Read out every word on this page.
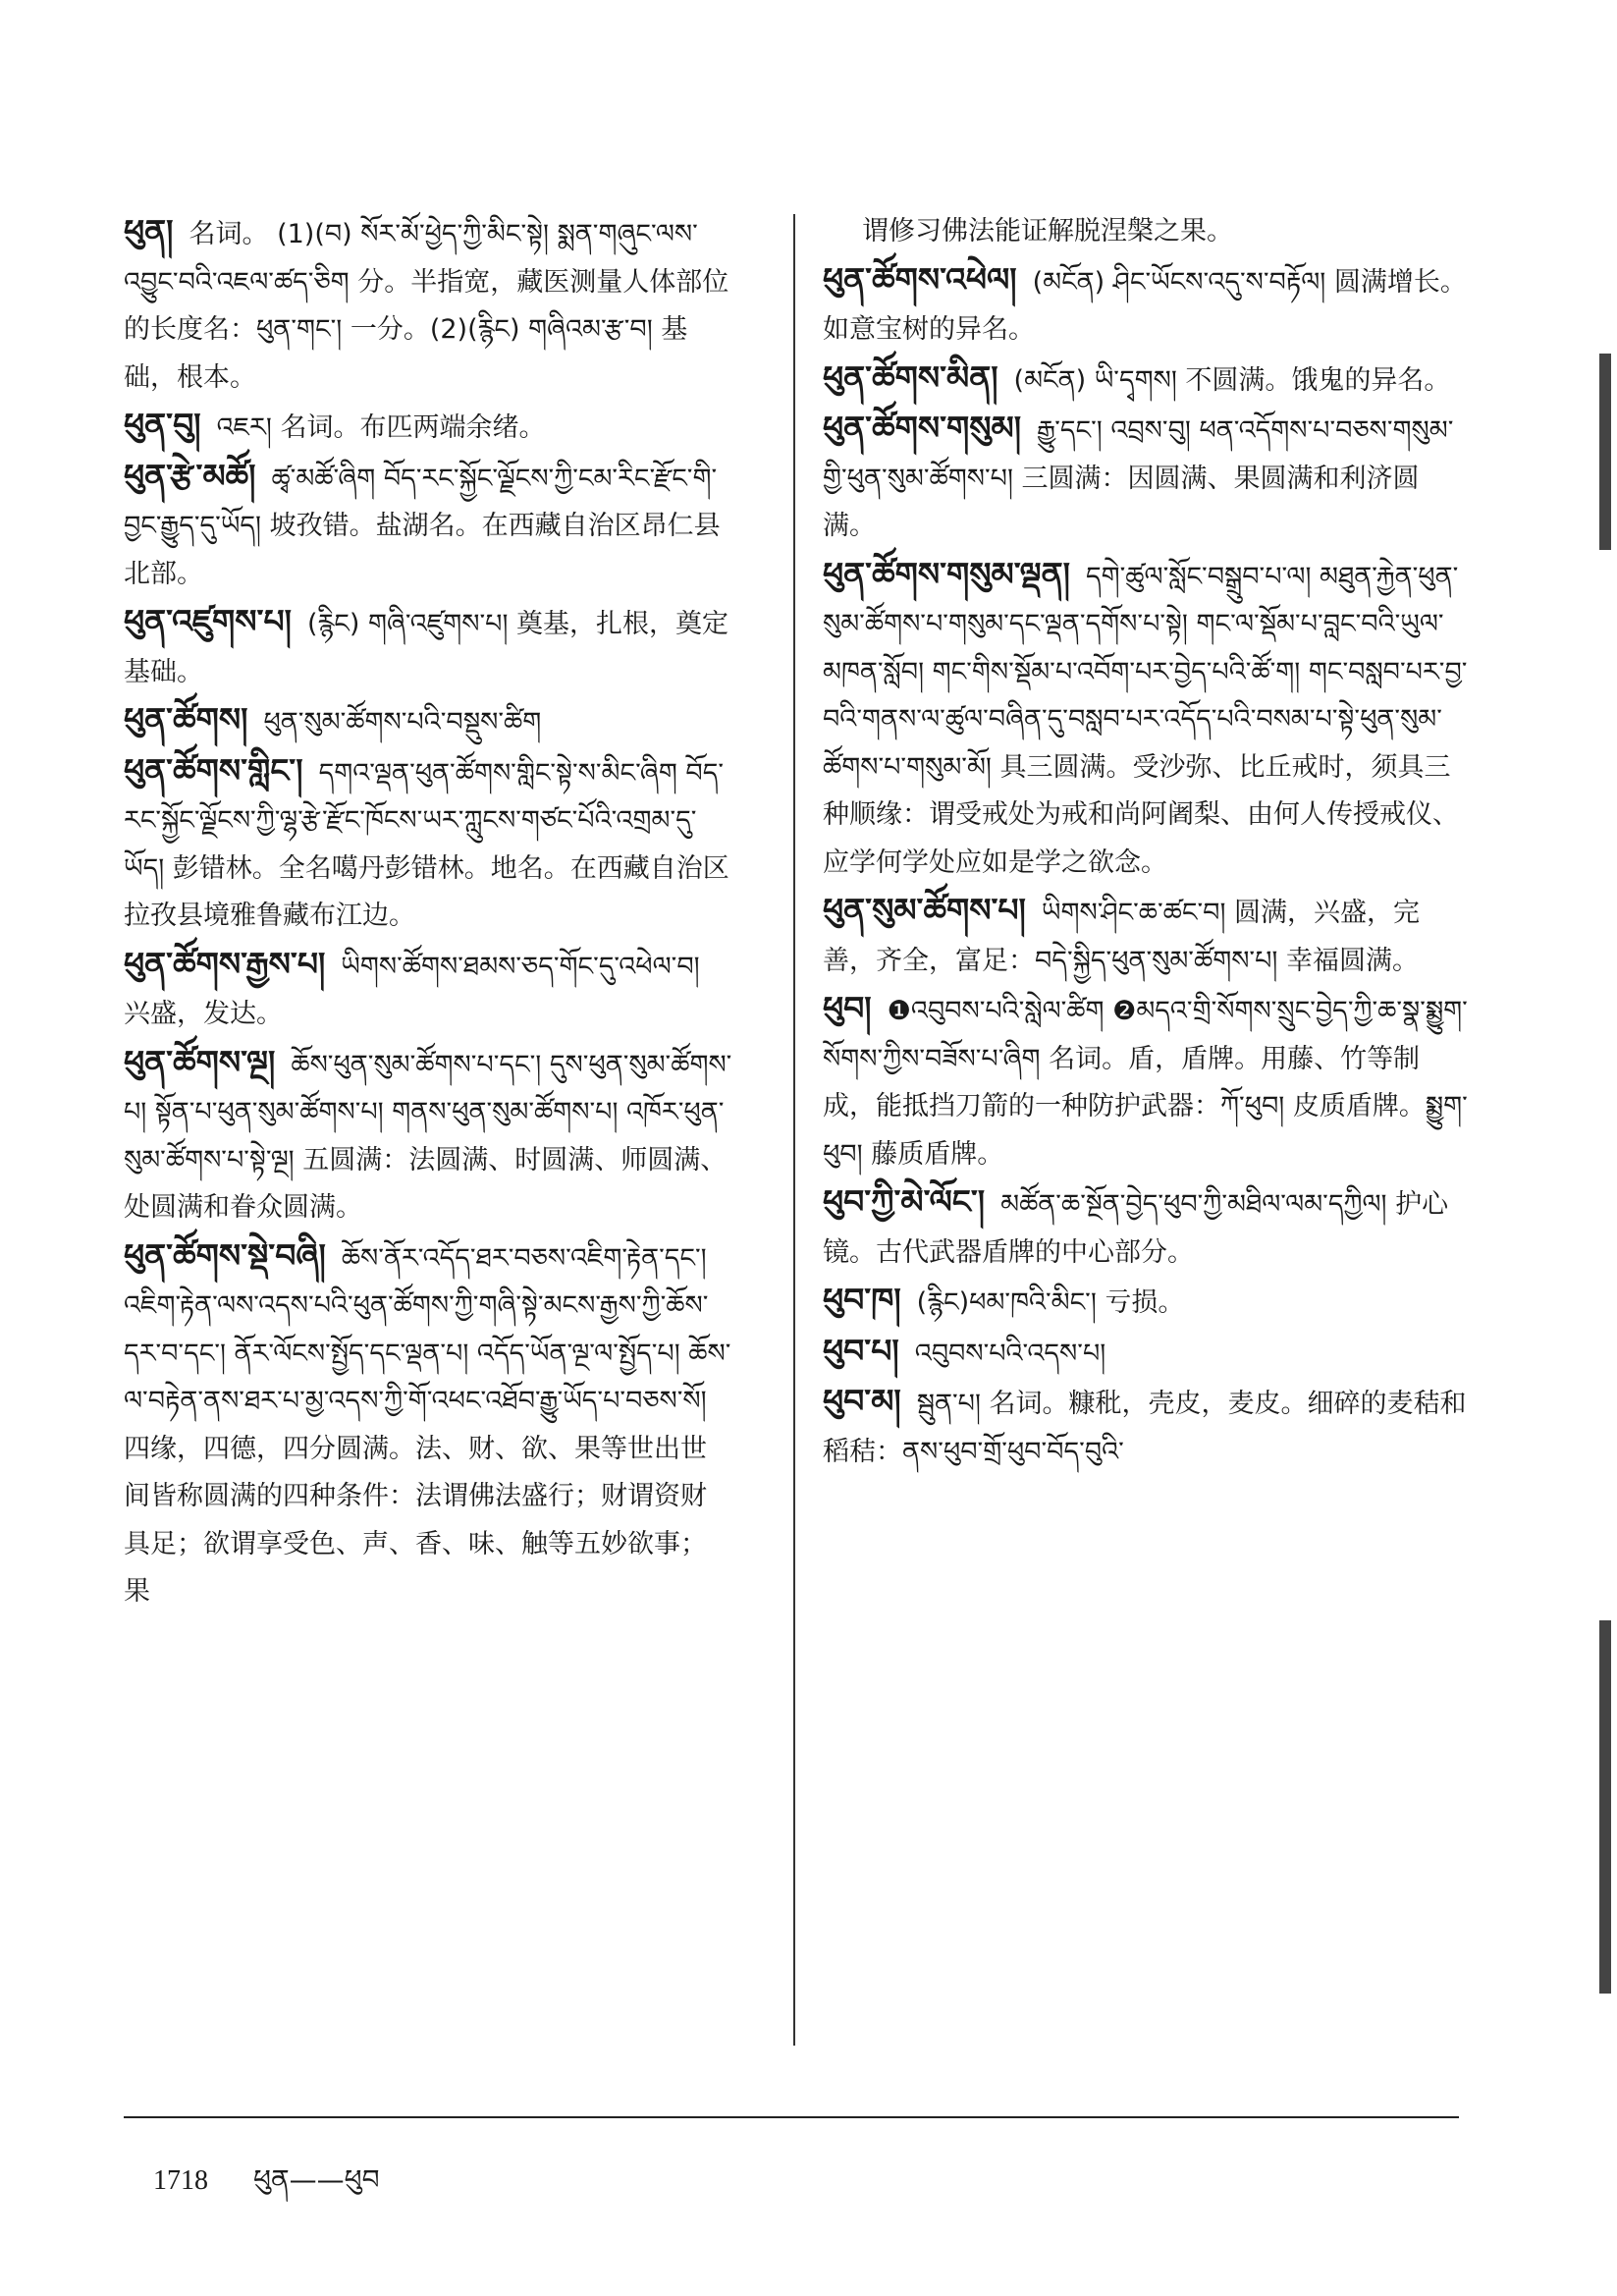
ཕུན། 名词。 (1)(བ) སོར་མོ་ཕྱེད་ཀྱི་མིང་སྟེ། སྨན་གཞུང་ལས་འབྱུང་བའི་འཇལ་ཚད་ཅིག 分。半指宽，藏医测量人体部位的长度名：ཕུན་གང་། 一分。(2)(རྙིང) གཞིའམ་རྩ་བ། 基础，根本。

ཕུན་བུ། འཇར། 名词。布匹两端余绪。

ཕུན་རྩེ་མཚོ། ཚྭ་མཚོ་ཞིག བོད་རང་སྐྱོང་ལྗོངས་ཀྱི་ངམ་རིང་རྫོང་གི་བྱང་རྒྱུད་དུ་ཡོད། 坡孜错。盐湖名。在西藏自治区昂仁县北部。

ཕུན་འཛུགས་པ། (རྙིང) གཞི་འཛུགས་པ། 奠基，扎根，奠定基础。

ཕུན་ཚོགས། ཕུན་སུམ་ཚོགས་པའི་བསྡུས་ཚིག

ཕུན་ཚོགས་གླིང་། དགའ་ལྡན་ཕུན་ཚོགས་གླིང་སྟེ་ས་མིང་ཞིག བོད་རང་སྐྱོང་ལྗོངས་ཀྱི་ལྷ་རྩེ་རྫོང་ཁོངས་ཡར་ཀླུངས་གཙང་པོའི་འགྲམ་དུ་ཡོད། 彭错林。全名噶丹彭错林。地名。在西藏自治区拉孜县境雅鲁藏布江边。

ཕུན་ཚོགས་རྒྱས་པ། ཡིགས་ཚོགས་ཐམས་ཅད་གོང་དུ་འཕེལ་བ། 兴盛，发达。

ཕུན་ཚོགས་ལྔ། ཆོས་ཕུན་སུམ་ཚོགས་པ་དང་། དུས་ཕུན་སུམ་ཚོགས་པ། སྟོན་པ་ཕུན་སུམ་ཚོགས་པ། གནས་ཕུན་སུམ་ཚོགས་པ། འཁོར་ཕུན་སུམ་ཚོགས་པ་སྟེ་ལྔ། 五圆满：法圆满、时圆满、师圆满、处圆满和眷众圆满。

ཕུན་ཚོགས་སྡེ་བཞི། ཆོས་ནོར་འདོད་ཐར་བཅས་འཇིག་རྟེན་དང་། འཇིག་རྟེན་ལས་འདས་པའི་ཕུན་ཚོགས་ཀྱི་གཞི་སྟེ་མངས་རྒྱས་ཀྱི་ཆོས་དར་བ་དང་། ནོར་ལོངས་སྤྱོད་དང་ལྡན་པ། འདོད་ཡོན་ལྔ་ལ་སྤྱོད་པ། ཆོས་ལ་བརྟེན་ནས་ཐར་པ་མྱ་འདས་ཀྱི་གོ་འཕང་འཐོབ་རྒྱུ་ཡོད་པ་བཅས་སོ། 四缘，四德，四分圆满。法、财、欲、果等世出世间皆称圆满的四种条件：法谓佛法盛行；财谓资财具足；欲谓享受色、声、香、味、触等五妙欲事；果

谓修习佛法能证解脱涅槃之果。

ཕུན་ཚོགས་འཕེལ། (མངོན) ཤིང་ཡོངས་འདུ་ས་བརྟོལ། 圆满增长。如意宝树的异名。

ཕུན་ཚོགས་མིན། (མངོན) ཡི་དྭགས། 不圆满。饿鬼的异名。

ཕུན་ཚོགས་གསུམ། རྒྱུ་དང་། འབྲས་བུ། ཕན་འདོགས་པ་བཅས་གསུམ་གྱི་ཕུན་སུམ་ཚོགས་པ། 三圆满：因圆满、果圆满和利济圆满。

ཕུན་ཚོགས་གསུམ་ལྡན། དགེ་ཚུལ་སློང་བསྒྲུབ་པ་ལ། མཐུན་རྐྱེན་ཕུན་སུམ་ཚོགས་པ་གསུམ་དང་ལྡན་དགོས་པ་སྟེ། གང་ལ་སྡོམ་པ་བླང་བའི་ཡུལ་མཁན་སློབ། གང་གིས་སྡོམ་པ་འབོག་པར་བྱེད་པའི་ཚོ་ག། གང་བསླབ་པར་བྱ་བའི་གནས་ལ་ཚུལ་བཞིན་དུ་བསླབ་པར་འདོད་པའི་བསམ་པ་སྟེ་ཕུན་སུམ་ཚོགས་པ་གསུམ་མོ། 具三圆满。受沙弥、比丘戒时，须具三种顺缘：谓受戒处为戒和尚阿阇梨、由何人传授戒仪、应学何学处应如是学之欲念。

ཕུན་སུམ་ཚོགས་པ། ཡིགས་ཤིང་ཆ་ཚང་བ། 圆满，兴盛，完善，齐全，富足：བདེ་སྐྱིད་ཕུན་སུམ་ཚོགས་པ། 幸福圆满。

ཕུབ། ❶འབུབས་པའི་སླེལ་ཚིག ❷མདའ་གྲི་སོགས་སྲུང་བྱེད་ཀྱི་ཆ་སྣ་སྨྱུག་སོགས་ཀྱིས་བཟོས་པ་ཞིག 名词。盾，盾牌。用藤、竹等制成，能抵挡刀箭的一种防护武器：ཀོ་ཕུབ། 皮质盾牌。སྨྱུག་ཕུབ། 藤质盾牌。

ཕུབ་ཀྱི་མེ་ལོང་། མཚོན་ཆ་སྔོན་བྱེད་ཕུབ་ཀྱི་མཐིལ་ལམ་དཀྱིལ། 护心镜。古代武器盾牌的中心部分。

ཕུབ་ཁ། (རྙིང)ཕམ་ཁའི་མིང་། 亏损。

ཕུབ་པ། འབུབས་པའི་འདས་པ།

ཕུབ་མ། སྦུན་པ། 名词。糠秕，壳皮，麦皮。细碎的麦秸和稻秸：ནས་ཕུབ་གྲོ་ཕུབ་བོད་བུའི་

1718 ཕུན——ཕུབ
